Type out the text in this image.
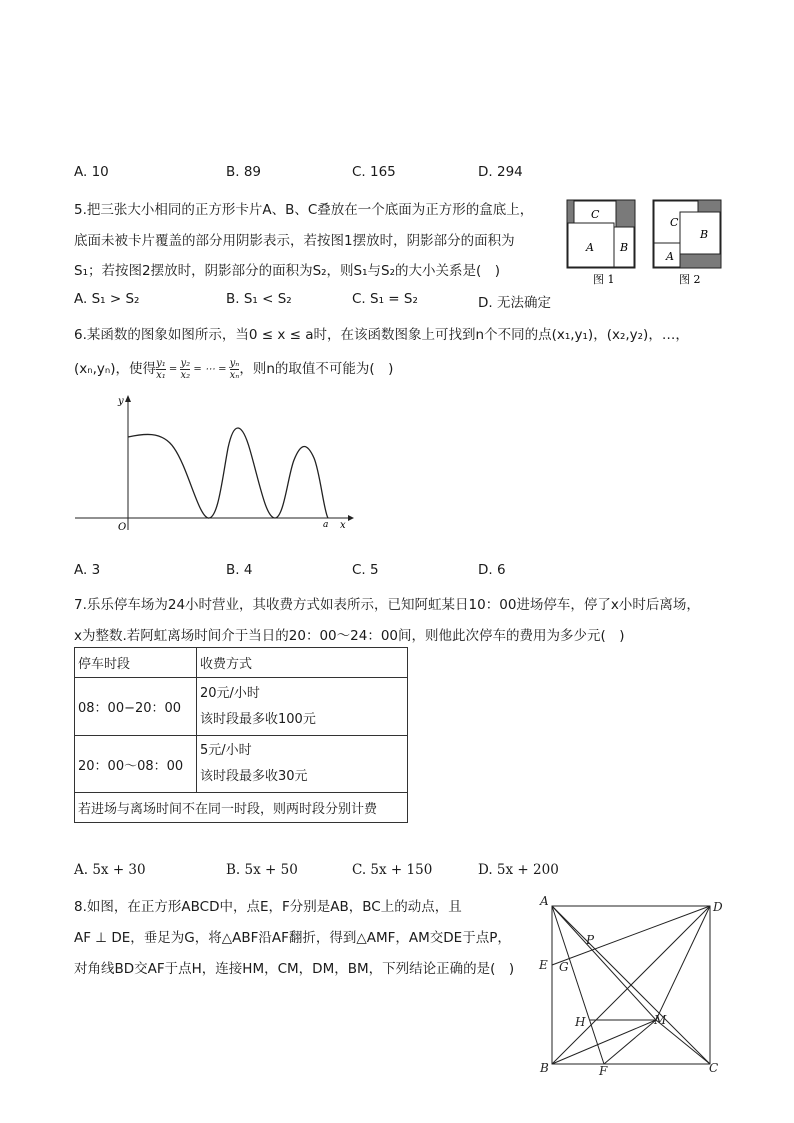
A. 10	B. 89	C. 165	D. 294
5.把三张大小相同的正方形卡片A、B、C叠放在一个底面为正方形的盒底上，
底面未被卡片覆盖的部分用阴影表示，若按图1摆放时，阴影部分的面积为
S₁；若按图2摆放时，阴影部分的面积为S₂，则S₁与S₂的大小关系是(　)
C
A B
图 1
C
B
A
图 2
A. S₁ > S₂	B. S₁ < S₂	C. S₁ = S₂	D. 无法确定
6.某函数的图象如图所示，当0 ≤ x ≤ a时，在该函数图象上可找到n个不同的点(x₁,y₁)，(x₂,y₂)，…，
(xₙ,yₙ)，使得 $\frac{\text{y₁}}{\text{x₁}} = \frac{\text{y₂}}{\text{x₂}}$ = ⋯ = $\frac{\text{yₙ}}{\text{xₙ}}$ ，则n的取值不可能为(　)
y
x
O	a
A. 3	B. 4	C. 5	D. 6
7.乐乐停车场为24小时营业，其收费方式如表所示，已知阿虹某日10：00进场停车，停了x小时后离场，
x为整数.若阿虹离场时间介于当日的20：00～24：00间，则他此次停车的费用为多少元(　)
停车时段	收费方式
08：00−20：00	20元/小时
该时段最多收100元

20：00～08：00	5元/小时
该时段最多收30元

若进场与离场时间不在同一时段，则两时段分别计费	
A. 5x + 30	B. 5x + 50	C. 5x + 150	D. 5x + 200
8.如图，在正方形ABCD中，点E，F分别是AB，BC上的动点，且
AF ⊥ DE，垂足为G，将△ABF沿AF翻折，得到△AMF，AM交DE于点P，
对角线BD交AF于点H，连接HM，CM，DM，BM，下列结论正确的是(　)
A	D
B	C
E
F
G
P
H	M
